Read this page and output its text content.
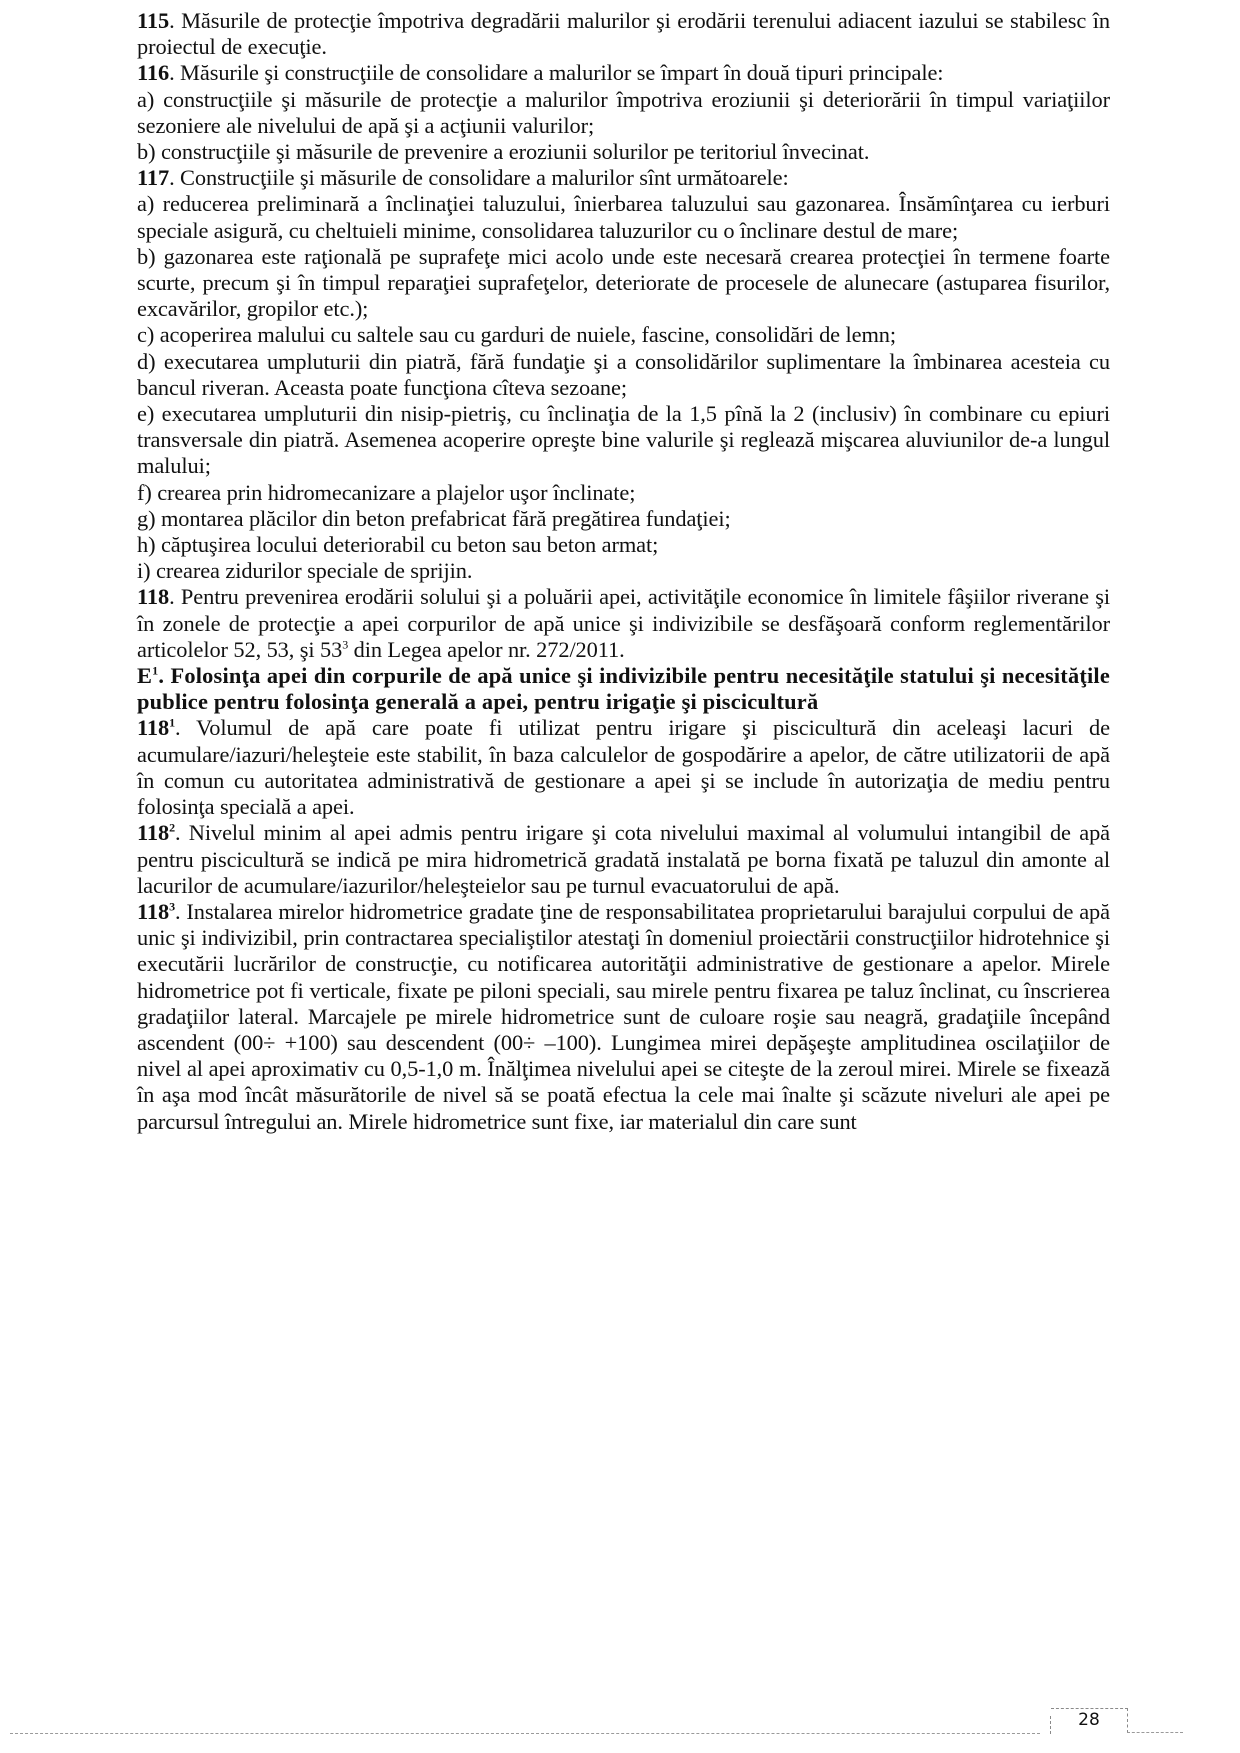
115. Măsurile de protecţie împotriva degradării malurilor şi erodării terenului adiacent iazului se stabilesc în proiectul de execuţie.

116. Măsurile şi construcţiile de consolidare a malurilor se împart în două tipuri principale:

a) construcţiile şi măsurile de protecţie a malurilor împotriva eroziunii şi deteriorării în timpul variaţiilor sezoniere ale nivelului de apă şi a acţiunii valurilor;

b) construcţiile şi măsurile de prevenire a eroziunii solurilor pe teritoriul învecinat.

117. Construcţiile şi măsurile de consolidare a malurilor sînt următoarele:

a) reducerea preliminară a înclinaţiei taluzului, înierbarea taluzului sau gazonarea. Însămînţarea cu ierburi speciale asigură, cu cheltuieli minime, consolidarea taluzurilor cu o înclinare destul de mare;

b) gazonarea este raţională pe suprafeţe mici acolo unde este necesară crearea protecţiei în termene foarte scurte, precum şi în timpul reparaţiei suprafeţelor, deteriorate de procesele de alunecare (astuparea fisurilor, excavărilor, gropilor etc.);

c) acoperirea malului cu saltele sau cu garduri de nuiele, fascine, consolidări de lemn;

d) executarea umpluturii din piatră, fără fundaţie şi a consolidărilor suplimentare la îmbinarea acesteia cu bancul riveran. Aceasta poate funcţiona cîteva sezoane;

e) executarea umpluturii din nisip-pietriş, cu înclinaţia de la 1,5 pînă la 2 (inclusiv) în combinare cu epiuri transversale din piatră. Asemenea acoperire opreşte bine valurile şi reglează mişcarea aluviunilor de-a lungul malului;

f) crearea prin hidromecanizare a plajelor uşor înclinate;

g) montarea plăcilor din beton prefabricat fără pregătirea fundaţiei;

h) căptuşirea locului deteriorabil cu beton sau beton armat;

i) crearea zidurilor speciale de sprijin.

118. Pentru prevenirea erodării solului şi a poluării apei, activităţile economice în limitele fâşiilor riverane şi în zonele de protecţie a apei corpurilor de apă unice şi indivizibile se desfăşoară conform reglementărilor articolelor 52, 53, şi $53^3$ din Legea apelor nr. 272/2011.

$E^1$. Folosinţa apei din corpurile de apă unice şi indivizibile pentru necesităţile statului şi necesităţile publice pentru folosinţa generală a apei, pentru irigaţie şi piscicultură

$118^1$. Volumul de apă care poate fi utilizat pentru irigare şi piscicultură din aceleaşi lacuri de acumulare/iazuri/heleşteie este stabilit, în baza calculelor de gospodărire a apelor, de către utilizatorii de apă în comun cu autoritatea administrativă de gestionare a apei şi se include în autorizaţia de mediu pentru folosinţa specială a apei.

$118^2$. Nivelul minim al apei admis pentru irigare şi cota nivelului maximal al volumului intangibil de apă pentru piscicultură se indică pe mira hidrometrică gradată instalată pe borna fixată pe taluzul din amonte al lacurilor de acumulare/iazurilor/heleşteielor sau pe turnul evacuatorului de apă.

$118^3$. Instalarea mirelor hidrometrice gradate ţine de responsabilitatea proprietarului barajului corpului de apă unic şi indivizibil, prin contractarea specialiştilor atestaţi în domeniul proiectării construcţiilor hidrotehnice şi executării lucrărilor de construcţie, cu notificarea autorităţii administrative de gestionare a apelor. Mirele hidrometrice pot fi verticale, fixate pe piloni speciali, sau mirele pentru fixarea pe taluz înclinat, cu înscrierea gradaţiilor lateral. Marcajele pe mirele hidrometrice sunt de culoare roşie sau neagră, gradaţiile începând ascendent (00÷ +100) sau descendent (00÷ –100). Lungimea mirei depăşeşte amplitudinea oscilaţiilor de nivel al apei aproximativ cu 0,5-1,0 m. Înălţimea nivelului apei se citeşte de la zeroul mirei. Mirele se fixează în aşa mod încât măsurătorile de nivel să se poată efectua la cele mai înalte şi scăzute niveluri ale apei pe parcursul întregului an. Mirele hidrometrice sunt fixe, iar materialul din care sunt

28
